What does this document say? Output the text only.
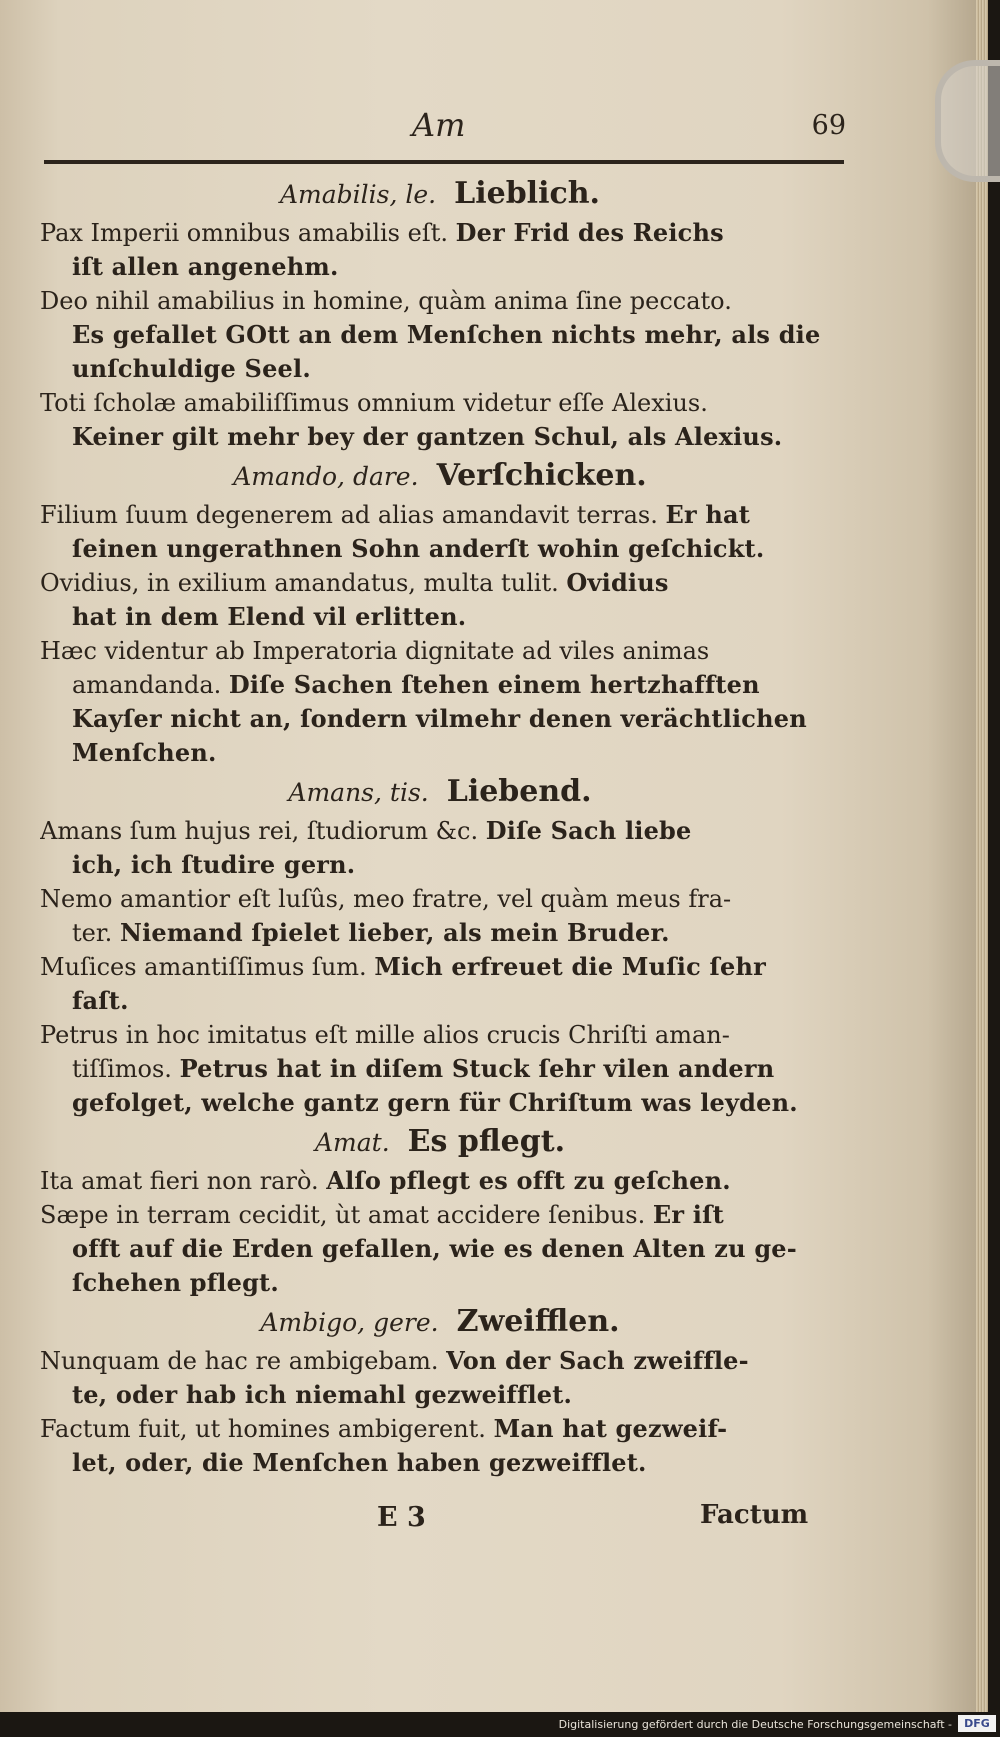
Am	69
Amabilis, le. Lieblich.
Pax Imperii omnibus amabilis eſt. Der Frid des Reichs
iſt allen angenehm.
Deo nihil amabilius in homine, quàm anima ſine peccato.
Es gefallet GOtt an dem Menſchen nichts mehr, als die
unſchuldige Seel.
Toti ſcholæ amabiliſſimus omnium videtur eſſe Alexius.
Keiner gilt mehr bey der gantzen Schul, als Alexius.
Amando, dare. Verſchicken.
Filium ſuum degenerem ad alias amandavit terras. Er hat
ſeinen ungerathnen Sohn anderſt wohin geſchickt.
Ovidius, in exilium amandatus, multa tulit. Ovidius
hat in dem Elend vil erlitten.
Hæc videntur ab Imperatoria dignitate ad viles animas
amandanda. Diſe Sachen ſtehen einem hertzhafften
Kayſer nicht an, ſondern vilmehr denen verächtlichen
Menſchen.
Amans, tis. Liebend.
Amans ſum hujus rei, ſtudiorum &c. Diſe Sach liebe
ich, ich ſtudire gern.
Nemo amantior eſt luſûs, meo fratre, vel quàm meus fra-
ter. Niemand ſpielet lieber, als mein Bruder.
Muſices amantiſſimus ſum. Mich erfreuet die Muſic ſehr
faſt.
Petrus in hoc imitatus eſt mille alios crucis Chriſti aman-
tiſſimos. Petrus hat in diſem Stuck ſehr vilen andern
gefolget, welche gantz gern für Chriſtum was leyden.
Amat. Es pflegt.
Ita amat fieri non rarò. Alſo pflegt es offt zu geſchen.
Sæpe in terram cecidit, ùt amat accidere ſenibus. Er iſt
offt auf die Erden gefallen, wie es denen Alten zu ge-
ſchehen pflegt.
Ambigo, gere. Zweifflen.
Nunquam de hac re ambigebam. Von der Sach zweiffle-
te, oder hab ich niemahl gezweifflet.
Factum fuit, ut homines ambigerent. Man hat gezweif-
let, oder, die Menſchen haben gezweifflet.
E 3	Factum
Digitalisierung gefördert durch die Deutsche Forschungsgemeinschaft -	DFG
